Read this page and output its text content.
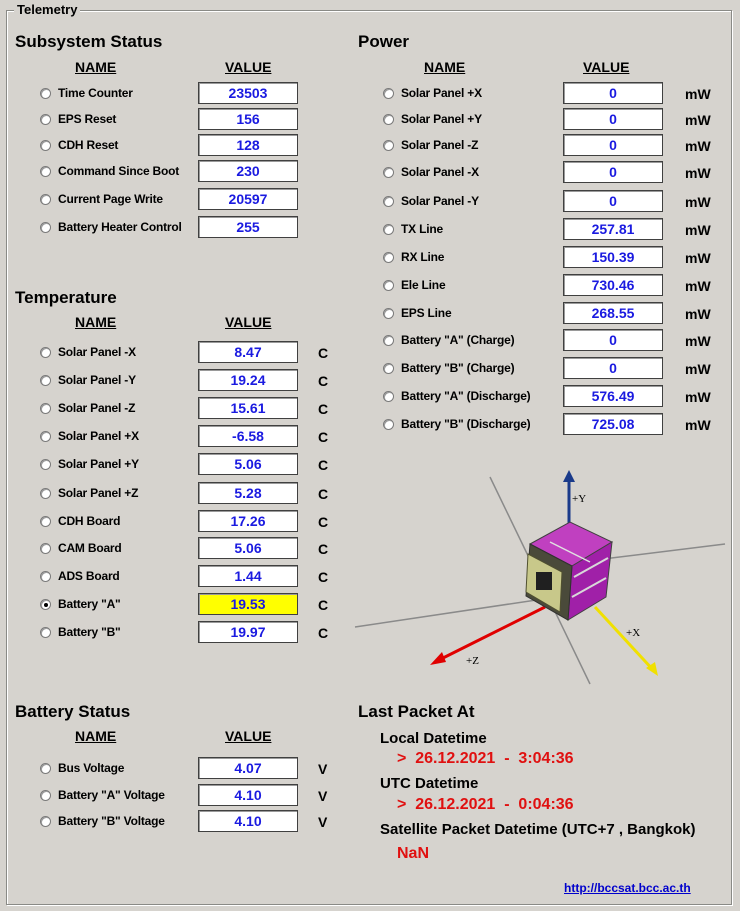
Telemetry
Subsystem Status
NAME	VALUE
Time Counter	23503
EPS Reset	156
CDH Reset	128
Command Since Boot	230
Current Page Write	20597
Battery Heater Control	255
Temperature
NAME	VALUE
Solar Panel -X	8.47	C
Solar Panel -Y	19.24	C
Solar Panel -Z	15.61	C
Solar Panel +X	-6.58	C
Solar Panel +Y	5.06	C
Solar Panel +Z	5.28	C
CDH Board	17.26	C
CAM Board	5.06	C
ADS Board	1.44	C
Battery "A"	19.53	C
Battery "B"	19.97	C
Battery Status
NAME	VALUE
Bus Voltage	4.07	V
Battery "A" Voltage	4.10	V
Battery "B" Voltage	4.10	V
Power
NAME	VALUE
Solar Panel +X	0	mW
Solar Panel +Y	0	mW
Solar Panel -Z	0	mW
Solar Panel -X	0	mW
Solar Panel -Y	0	mW
TX Line	257.81	mW
RX Line	150.39	mW
Ele Line	730.46	mW
EPS Line	268.55	mW
Battery "A" (Charge)	0	mW
Battery "B" (Charge)	0	mW
Battery "A" (Discharge)	576.49	mW
Battery "B" (Discharge)	725.08	mW
+Y
+X
+Z
Last Packet At
Local Datetime
>  26.12.2021  -  3:04:36
UTC Datetime
>  26.12.2021  -  0:04:36
Satellite Packet Datetime (UTC+7 , Bangkok)
NaN
http://bccsat.bcc.ac.th
